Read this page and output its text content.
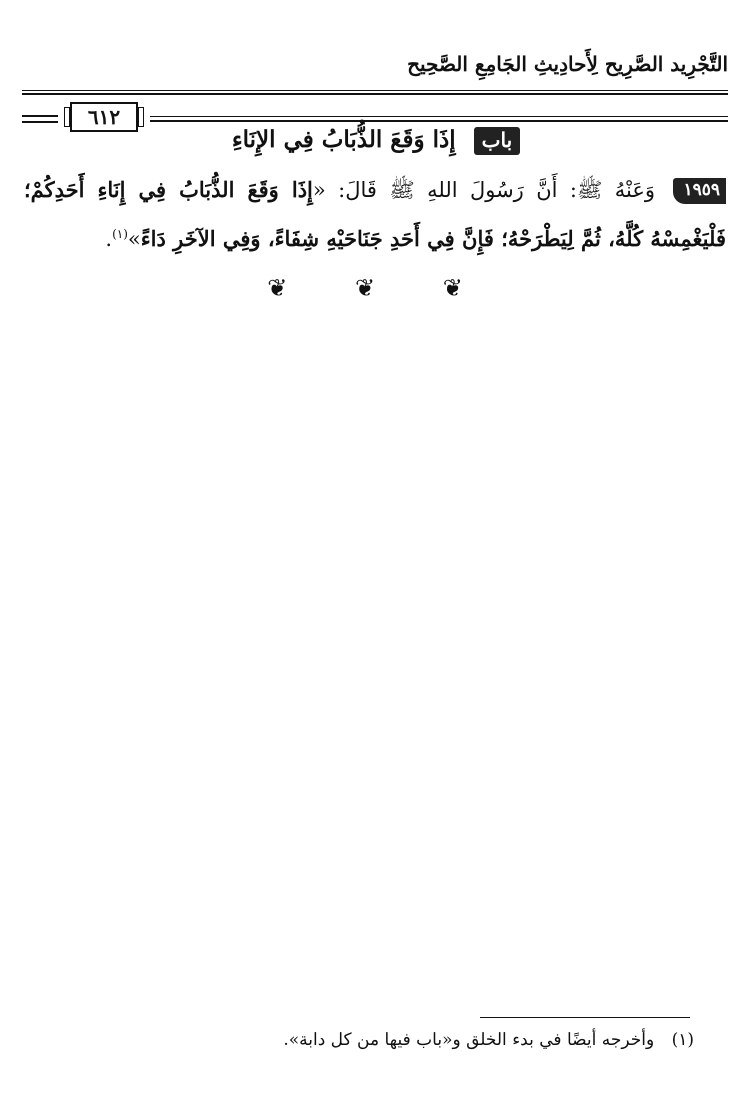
التَّجْرِيد الصَّرِيح لِأَحادِيثِ الجَامِعِ الصَّحِيح
٦١٢
باب إِذَا وَقَعَ الذُّبَابُ فِي الإِنَاءِ
١٩٥٩ وَعَنْهُ ﷺ: أَنَّ رَسُولَ اللهِ ﷺ قَالَ: «إِذَا وَقَعَ الذُّبَابُ فِي إِنَاءِ أَحَدِكُمْ؛ فَلْيَغْمِسْهُ كُلَّهُ، ثُمَّ لِيَطْرَحْهُ؛ فَإِنَّ فِي أَحَدِ جَنَاحَيْهِ شِفَاءً، وَفِي الآخَرِ دَاءً»$^{(١)}$.
❦ ❦ ❦
(١) وأخرجه أيضًا في بدء الخلق و«باب فيها من كل دابة».
